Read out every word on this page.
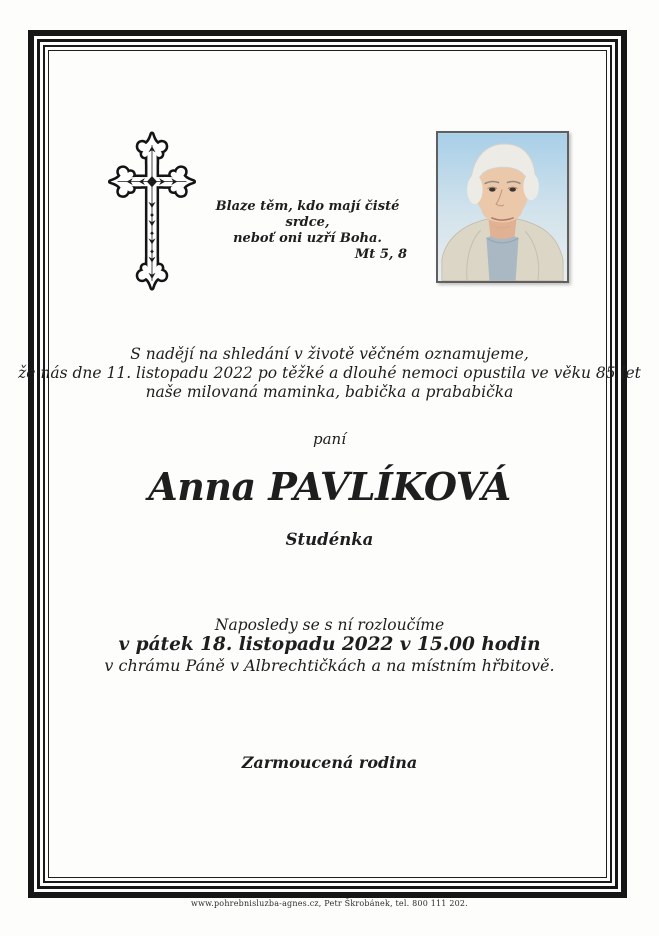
Blaze těm, kdo mají čisté srdce,
neboť oni uzří Boha.
Mt 5, 8
S nadějí na shledání v životě věčném oznamujeme,
že nás dne 11. listopadu 2022 po těžké a dlouhé nemoci opustila ve věku 85 let
naše milovaná maminka, babička a prababička
paní
Anna PAVLÍKOVÁ
Studénka
Naposledy se s ní rozloučíme
v pátek 18. listopadu 2022 v 15.00 hodin
v chrámu Páně v Albrechtičkách a na místním hřbitově.
Zarmoucená rodina
www.pohrebnisluzba-agnes.cz, Petr Škrobánek, tel. 800 111 202.
